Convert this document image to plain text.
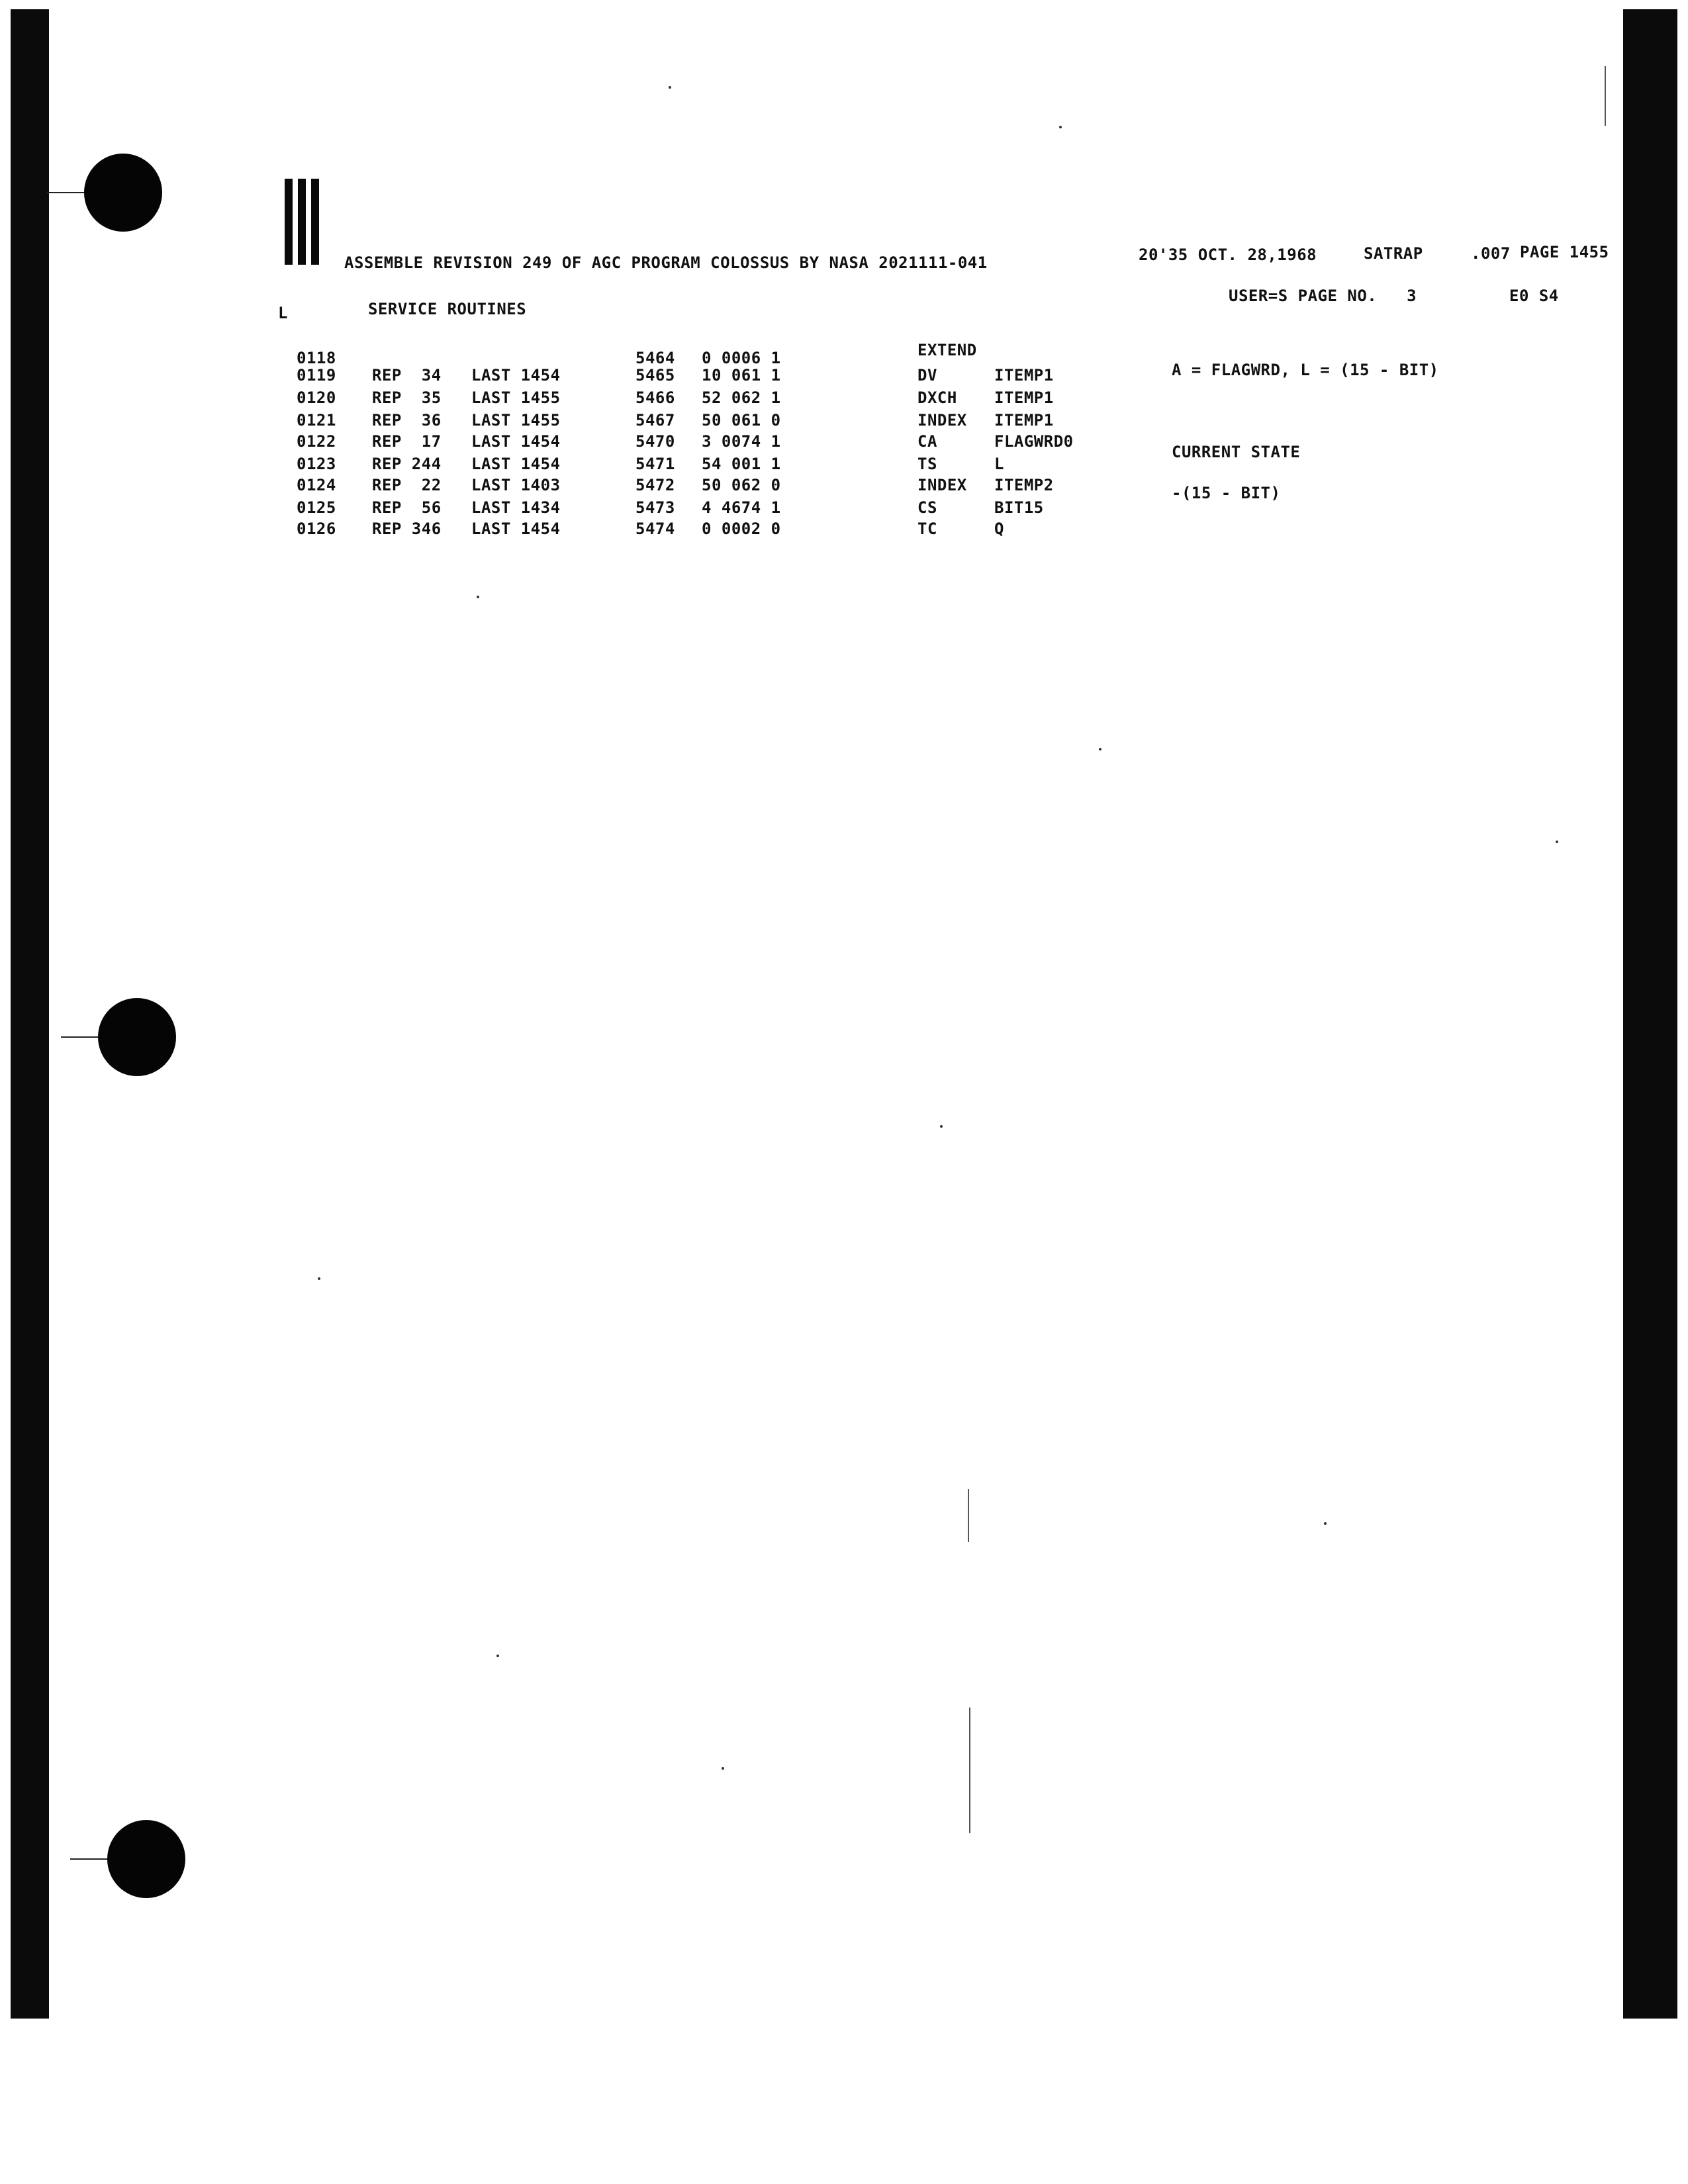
ASSEMBLE REVISION 249 OF AGC PROGRAM COLOSSUS BY NASA 2021111-041	20'35 OCT. 28,1968	SATRAP	.007 PAGE 1455
L	SERVICE ROUTINES
USER=S PAGE NO.   3	E0 S4
0118	5464 0 0006 1	EXTEND
0119 REP  34 LAST 1454	5465 10 061 1	DV	ITEMP1	A = FLAGWRD, L = (15 - BIT)
0120 REP  35 LAST 1455	5466 52 062 1	DXCH ITEMP1
0121 REP  36 LAST 1455	5467 50 061 0	INDEX ITEMP1
0122 REP  17 LAST 1454	5470 3 0074 1	CA	FLAGWRD0
0123 REP 244 LAST 1454	5471 54 001 1	TS	L
CURRENT STATE
0124 REP  22 LAST 1403	5472 50 062 0	INDEX ITEMP2
0125 REP  56 LAST 1434	5473 4 4674 1	CS	BIT15
-(15 - BIT)
0126 REP 346 LAST 1454	5474 0 0002 0	TC	Q
